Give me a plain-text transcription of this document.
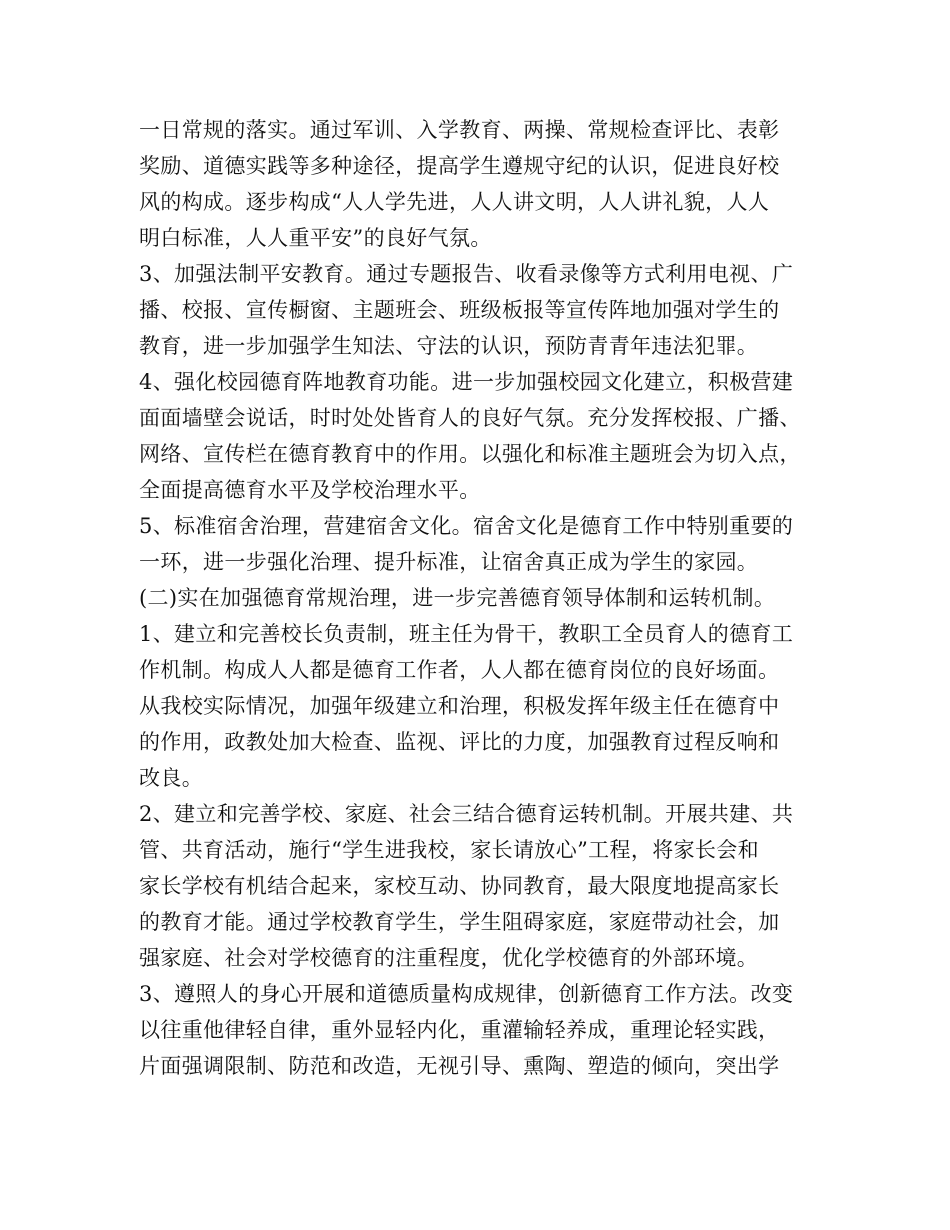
一日常规的落实。通过军训、入学教育、两操、常规检查评比、表彰
奖励、道德实践等多种途径，提高学生遵规守纪的认识，促进良好校
风的构成。逐步构成“人人学先进，人人讲文明，人人讲礼貌，人人
明白标准，人人重平安”的良好气氛。
3、加强法制平安教育。通过专题报告、收看录像等方式利用电视、广
播、校报、宣传橱窗、主题班会、班级板报等宣传阵地加强对学生的
教育，进一步加强学生知法、守法的认识，预防青青年违法犯罪。
4、强化校园德育阵地教育功能。进一步加强校园文化建立，积极营建
面面墙壁会说话，时时处处皆育人的良好气氛。充分发挥校报、广播、
网络、宣传栏在德育教育中的作用。以强化和标准主题班会为切入点，
全面提高德育水平及学校治理水平。
5、标准宿舍治理，营建宿舍文化。宿舍文化是德育工作中特别重要的
一环，进一步强化治理、提升标准，让宿舍真正成为学生的家园。
(二)实在加强德育常规治理，进一步完善德育领导体制和运转机制。
1、建立和完善校长负责制，班主任为骨干，教职工全员育人的德育工
作机制。构成人人都是德育工作者，人人都在德育岗位的良好场面。
从我校实际情况，加强年级建立和治理，积极发挥年级主任在德育中
的作用，政教处加大检查、监视、评比的力度，加强教育过程反响和
改良。
2、建立和完善学校、家庭、社会三结合德育运转机制。开展共建、共
管、共育活动，施行“学生进我校，家长请放心”工程，将家长会和
家长学校有机结合起来，家校互动、协同教育，最大限度地提高家长
的教育才能。通过学校教育学生，学生阻碍家庭，家庭带动社会，加
强家庭、社会对学校德育的注重程度，优化学校德育的外部环境。
3、遵照人的身心开展和道德质量构成规律，创新德育工作方法。改变
以往重他律轻自律，重外显轻内化，重灌输轻养成，重理论轻实践，
片面强调限制、防范和改造，无视引导、熏陶、塑造的倾向，突出学
